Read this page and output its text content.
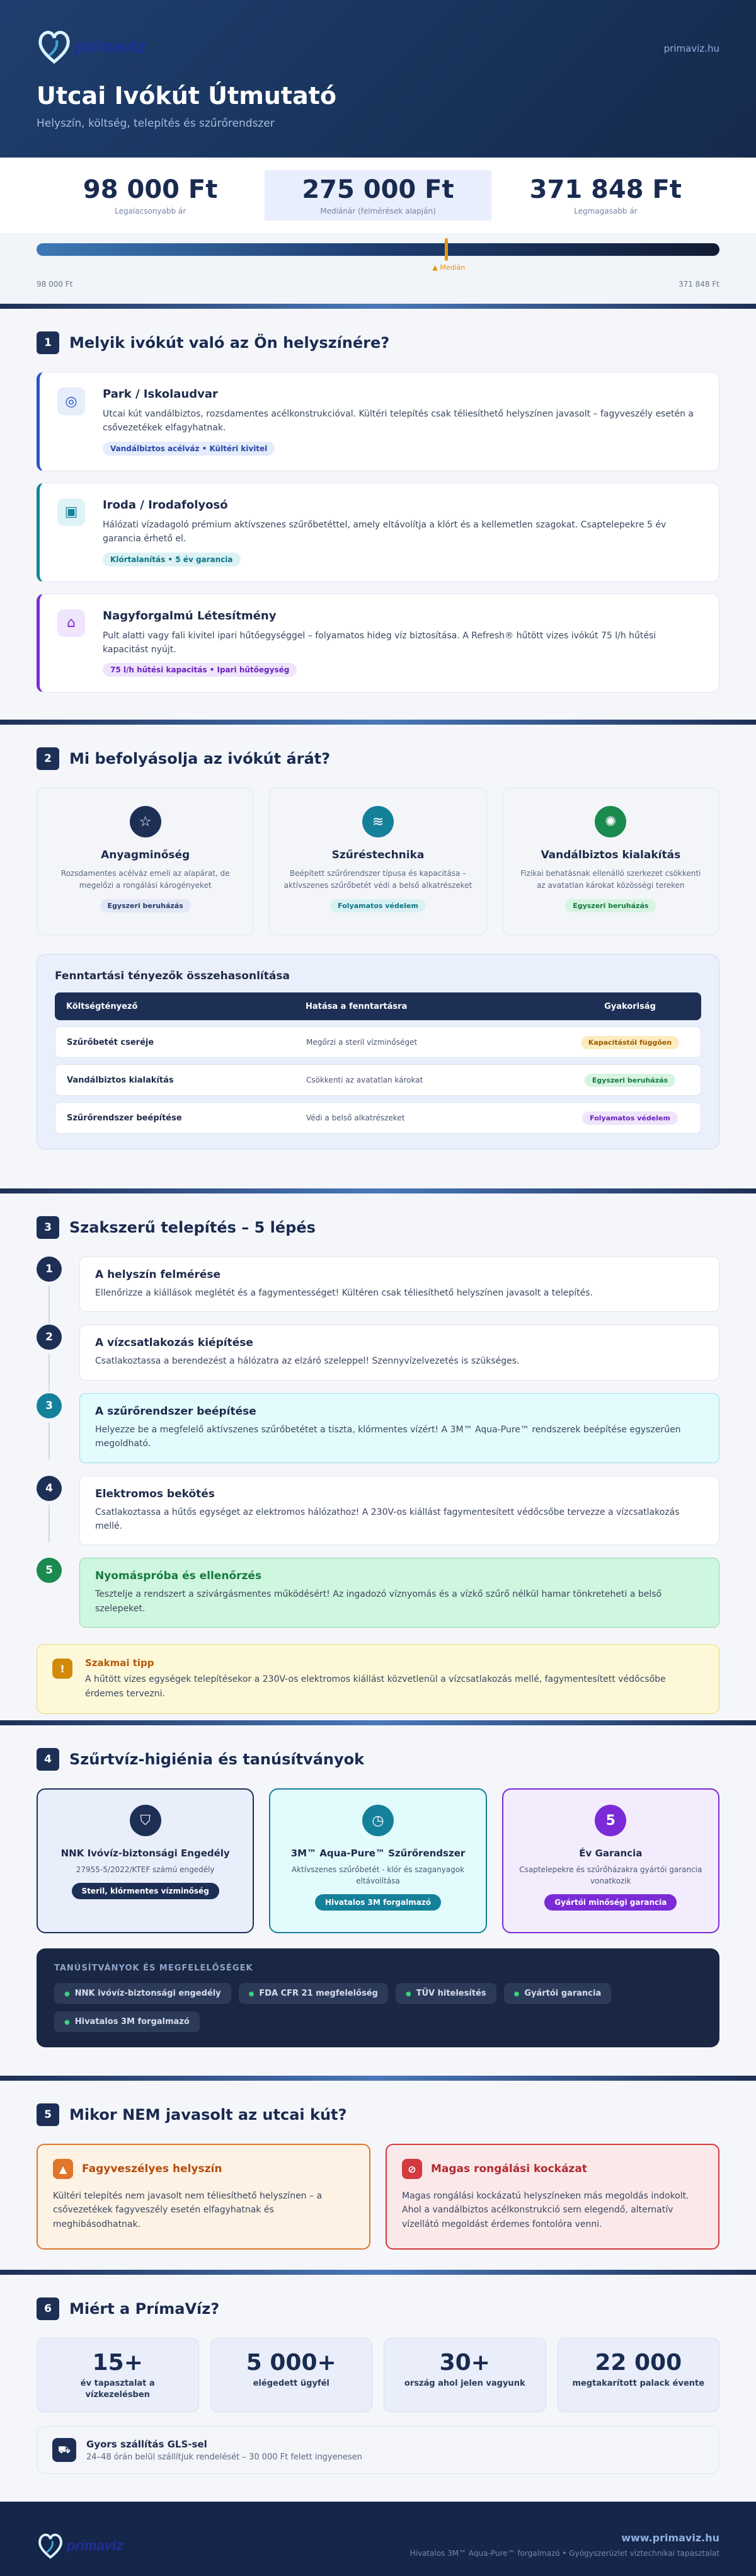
primaviz	primaviz.hu
Utcai Ivókút Útmutató

Helyszín, költség, telepítés és szűrőrendszer

98 000 Ft
Legalacsonyabb ár
275 000 Ft
Mediánár (felmérések alapján)
371 848 Ft
Legmagasabb ár
▲ Medián
98 000 Ft	371 848 Ft
1	Melyik ivókút való az Ön helyszínére?
◎	Park / Iskolaudvar

Utcai kút vandálbiztos, rozsdamentes acélkonstrukcióval. Kültéri telepítés csak téliesíthető helyszínen javasolt – fagyveszély esetén a csővezetékek elfagyhatnak.

Vandálbiztos acélváz • Kültéri kivitel
▣	Iroda / Irodafolyosó

Hálózati vízadagoló prémium aktívszenes szűrőbetéttel, amely eltávolítja a klórt és a kellemetlen szagokat. Csaptelepekre 5 év garancia érhető el.

Klórtalanítás • 5 év garancia
⌂	Nagyforgalmú Létesítmény

Pult alatti vagy fali kivitel ipari hűtőegységgel – folyamatos hideg víz biztosítása. A Refresh® hűtött vizes ivókút 75 l/h hűtési kapacitást nyújt.

75 l/h hűtési kapacitás • Ipari hűtőegység
2	Mi befolyásolja az ivókút árát?
☆
Anyagminőség

Rozsdamentes acélváz emeli az alapárat, de megelőzi a rongálási károgényeket

Egyszeri beruházás
≋
Szűréstechnika

Beépített szűrőrendszer típusa és kapacitása – aktívszenes szűrőbetét védi a belső alkatrészeket

Folyamatos védelem
✺
Vandálbiztos kialakítás

Fizikai behatásnak ellenálló szerkezet csökkenti az avatatlan károkat közösségi tereken

Egyszeri beruházás
Fenntartási tényezők összehasonlítása
Költségtényező	Hatása a fenntartásra	Gyakoriság
Szűrőbetét cseréje	Megőrzi a steril vízminőséget	Kapacitástól függően
Vandálbiztos kialakítás	Csökkenti az avatatlan károkat	Egyszeri beruházás
Szűrőrendszer beépítése	Védi a belső alkatrészeket	Folyamatos védelem
3	Szakszerű telepítés – 5 lépés
1	A helyszín felmérése

Ellenőrizze a kiállások meglétét és a fagymentességet! Kültéren csak téliesíthető helyszínen javasolt a telepítés.

2	A vízcsatlakozás kiépítése

Csatlakoztassa a berendezést a hálózatra az elzáró szeleppel! Szennyvízelvezetés is szükséges.

3	A szűrőrendszer beépítése

Helyezze be a megfelelő aktívszenes szűrőbetétet a tiszta, klórmentes vízért! A 3M™ Aqua-Pure™ rendszerek beépítése egyszerűen megoldható.

4	Elektromos bekötés

Csatlakoztassa a hűtős egységet az elektromos hálózathoz! A 230V-os kiállást fagymentesített védőcsőbe tervezze a vízcsatlakozás mellé.

5	Nyomáspróba és ellenőrzés

Tesztelje a rendszert a szivárgásmentes működésért! Az ingadozó víznyomás és a vízkő szűrő nélkül hamar tönkreteheti a belső szelepeket.

!	Szakmai tipp

A hűtött vizes egységek telepítésekor a 230V-os elektromos kiállást közvetlenül a vízcsatlakozás mellé, fagymentesített védőcsőbe érdemes tervezni.

4	Szűrtvíz-higiénia és tanúsítványok
⛉
NNK Ivóvíz-biztonsági Engedély

27955-5/2022/KTEF számú engedély

Steril, klórmentes vízminőség
◷
3M™ Aqua-Pure™ Szűrőrendszer

Aktívszenes szűrőbetét - klór és szaganyagok eltávolítása

Hivatalos 3M forgalmazó
5
Év Garancia

Csaptelepekre és szűrőházakra gyártói garancia vonatkozik

Gyártói minőségi garancia
TANÚSÍTVÁNYOK ÉS MEGFELELŐSÉGEK
● NNK ivóvíz-biztonsági engedély	● FDA CFR 21 megfelelőség	● TÜV hitelesítés	● Gyártói garancia
● Hivatalos 3M forgalmazó
5	Mikor NEM javasolt az utcai kút?
▲	Fagyveszélyes helyszín

Kültéri telepítés nem javasolt nem téliesíthető helyszínen – a csővezetékek fagyveszély esetén elfagyhatnak és meghibásodhatnak.

⊘	Magas rongálási kockázat

Magas rongálási kockázatú helyszíneken más megoldás indokolt. Ahol a vandálbiztos acélkonstrukció sem elegendő, alternatív vízellátó megoldást érdemes fontolóra venni.

6	Miért a PrímaVíz?
15+
év tapasztalat a vízkezelésben
5 000+
elégedett ügyfél
30+
ország ahol jelen vagyunk
22 000
megtakarított palack évente
⛟	Gyors szállítás GLS-sel

24–48 órán belül szállítjuk rendelését – 30 000 Ft felett ingyenesen

primaviz	www.primaviz.hu
Hivatalos 3M™ Aqua-Pure™ forgalmazó • Gyógyszerüzlet víztechnikai tapasztalat
